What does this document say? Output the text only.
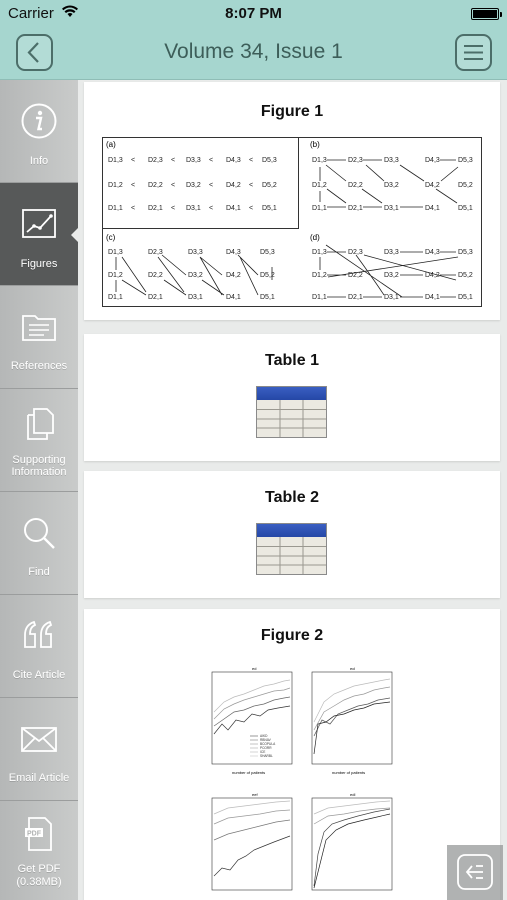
Carrier	8:07 PM
Volume 34, Issue 1
Info
Figures
References
Supporting
Information
Find
Cite Article
Email Article
PDF
Get PDF
(0.38MB)
Figure 1
(a)	(b)
(c)	(d)
D1,3 < D2,3 < D3,3 < D4,3 < D5,3
D1,2 < D2,2 < D3,2 < D4,2 < D5,2
D1,1 < D2,1 < D3,1 < D4,1 < D5,1
D1,3	D2,3	D3,3	D4,3	D5,3
D1,2	D2,2	D3,2	D4,2	D5,2
D1,1	D2,1	D3,1	D4,1	D5,1
D1,3	D2,3	D3,3	D4,3	D5,3
D1,2	D2,2	D3,2	D4,2	D5,2
D1,1	D2,1	D3,1	D4,1	D5,1
D1,3	D2,3	D3,3	D4,3	D5,3
D1,2	D2,2	D3,2	D4,2	D5,2
D1,1	D2,1	D3,1	D4,1	D5,1
Table 1
Table 2
Figure 2
ed	ecl
eef	edl
number of patients	number of patients
AIKD
RBNAV
BCOPULA
PCORR
ICE
SHARBL
